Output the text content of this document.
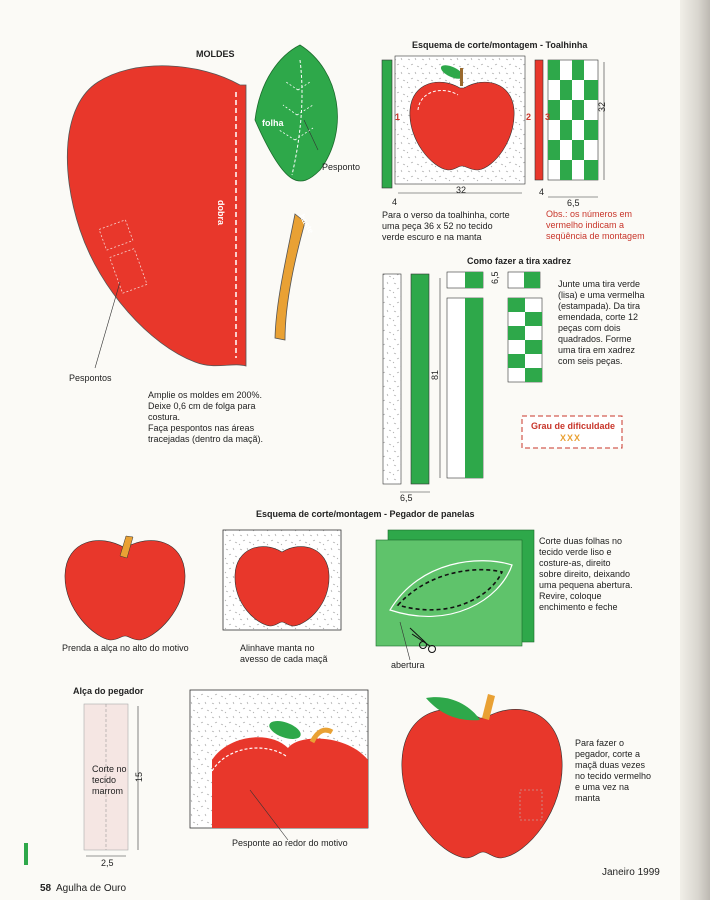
MOLDES
folha
Pesponto
dobra	haste
Pespontos
Amplie os moldes em 200%.
Deixe 0,6 cm de folga para
costura.
Faça pespontos nas áreas
tracejadas (dentro da maçã).
Esquema de corte/montagem - Toalhinha
1	2 3
32
32
4
4
6,5
Para o verso da toalhinha, corte
uma peça 36 x 52 no tecido
verde escuro e na manta
Obs.: os números em
vermelho indicam a
seqüência de montagem
Como fazer a tira xadrez
6,5
81
6,5
Junte uma tira verde
(lisa) e uma vermelha
(estampada). Da tira
emendada, corte 12
peças com dois
quadrados. Forme
uma tira em xadrez
com seis peças.
Grau de dificuldade
XXX
Esquema de corte/montagem - Pegador de panelas
Prenda a alça no alto do motivo	Alinhave manta no
avesso de cada maçã
Corte duas folhas no
tecido verde liso e
costure-as, direito
sobre direito, deixando
uma pequena abertura.
Revire, coloque
enchimento e feche
abertura
Alça do pegador
Corte no
tecido
marrom
15
2,5
Pesponte ao redor do motivo
Para fazer o
pegador, corte a
maçã duas vezes
no tecido vermelho
e uma vez na
manta
58 Agulha de Ouro
Janeiro 1999
